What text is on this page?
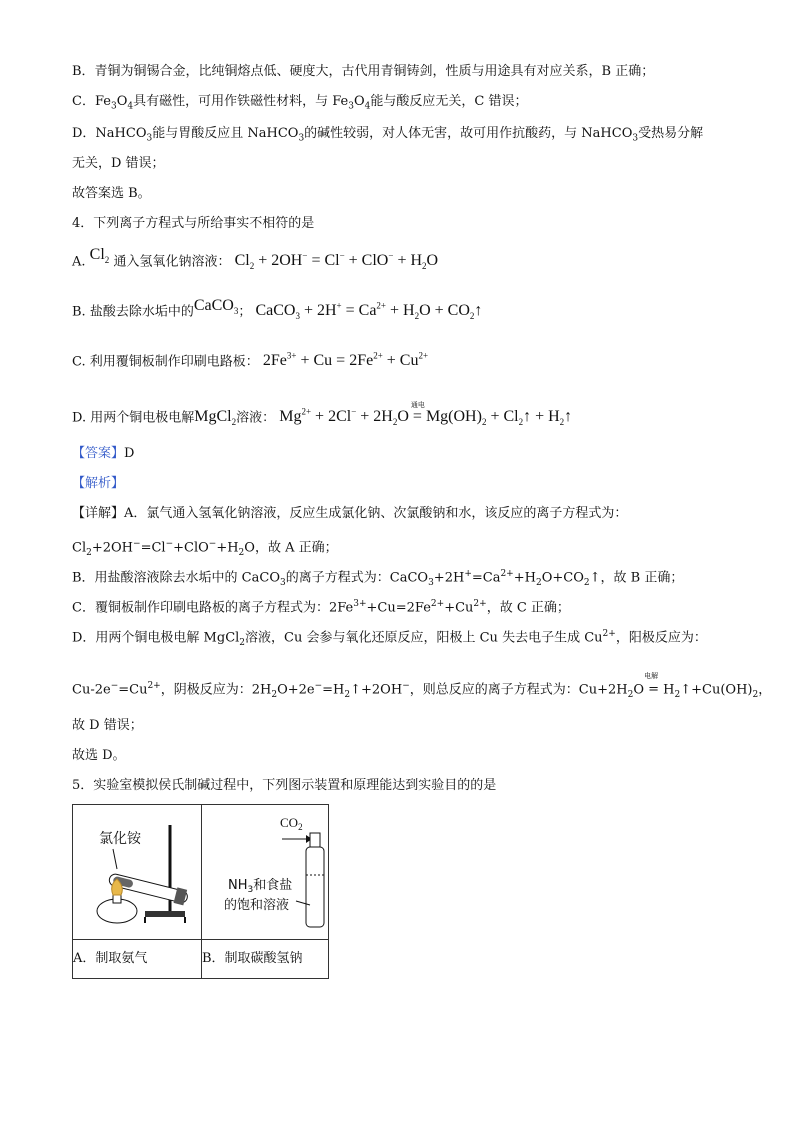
B．青铜为铜锡合金，比纯铜熔点低、硬度大，古代用青铜铸剑，性质与用途具有对应关系，B 正确；
C．$Fe_3O_4$具有磁性，可用作铁磁性材料，与 $Fe_3O_4$能与酸反应无关，C 错误；
D．NaHCO$_3$能与胃酸反应且 NaHCO$_3$的碱性较弱，对人体无害，故可用作抗酸药，与 NaHCO$_3$受热易分解
无关，D 错误；
故答案选 B。
4．下列离子方程式与所给事实不相符的是
A. $Cl_2$ 通入氢氧化钠溶液： $Cl_2 + 2OH^- = Cl^- + ClO^- + H_2O$
B. 盐酸去除水垢中的CaCO$_3$； CaCO$_3$ + $2H^+ = Ca^{2+} + H_2O$ + $CO_2↑$
C. 利用覆铜板制作印刷电路板： $2Fe^{3+} + Cu = 2Fe^{2+} + Cu^{2+}$
D. 用两个铜电极电解MgCl$_2$溶液： $Mg^{2+} + 2Cl^- + 2H_2O$
通电
= $Mg(OH)_2$ + $Cl_2↑$ + $H_2↑$
【答案】D
【解析】
【详解】A．氯气通入氢氧化钠溶液，反应生成氯化钠、次氯酸钠和水，该反应的离子方程式为：
$Cl_2+2OH^-=Cl^-+ClO^-+H_2O$，故 A 正确；
B．用盐酸溶液除去水垢中的 CaCO$_3$的离子方程式为：$CaCO_3+2H^+=Ca^{2+}+H_2O+CO_2↑$，故 B 正确；
C．覆铜板制作印刷电路板的离子方程式为：$2Fe^{3+}+Cu=2Fe^{2+}+Cu^{2+}$，故 C 正确；
D．用两个铜电极电解 MgCl$_2$溶液，Cu 会参与氧化还原反应，阳极上 Cu 失去电子生成 $Cu^{2+}$，阳极反应为：
$Cu-2e^-=Cu^{2+}$，阴极反应为：$2H_2O+2e^-=H_2↑+2OH^-$，则总反应的离子方程式为：$Cu+2H_2O$
电解
= $H_2↑+Cu(OH)_2$，
故 D 错误；
故选 D。
5．实验室模拟侯氏制碱过程中，下列图示装置和原理能达到实验目的的是
氯化铵	$CO_2$
$NH_3$和食盐
的饱和溶液

A．制取氨气	B．制取碳酸氢钠
